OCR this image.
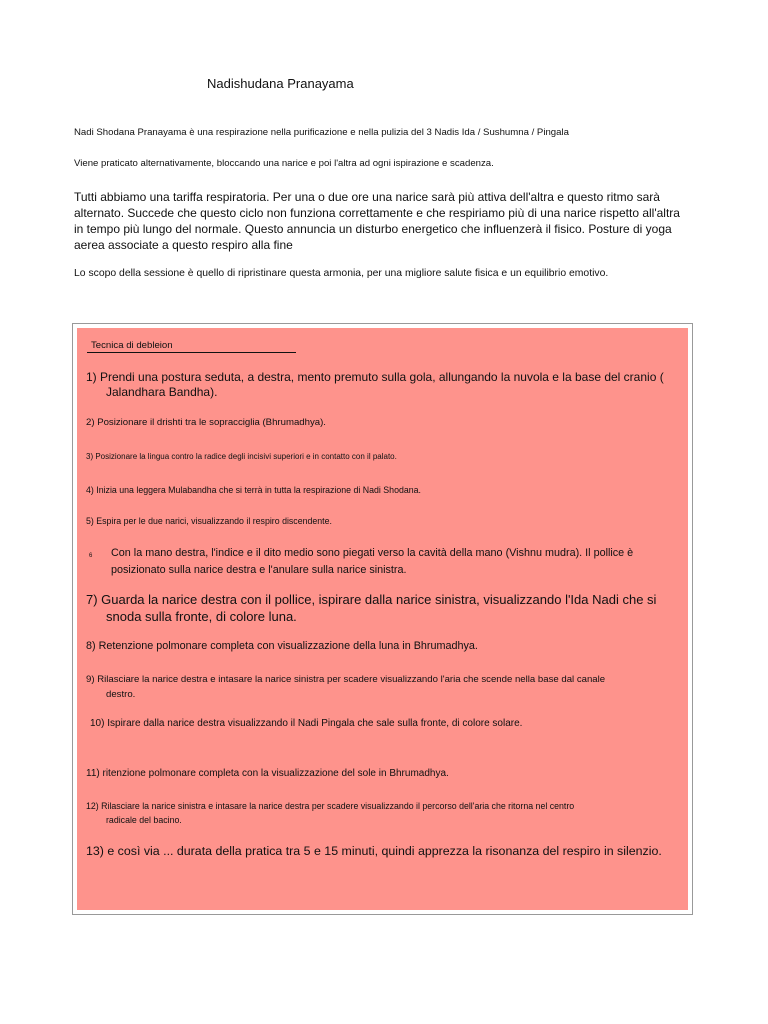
Nadishudana Pranayama

Nadi Shodana Pranayama è una respirazione nella purificazione e nella pulizia del 3 Nadis Ida / Sushumna / Pingala

Viene praticato alternativamente, bloccando una narice e poi l'altra ad ogni ispirazione e scadenza.

Tutti abbiamo una tariffa respiratoria. Per una o due ore una narice sarà più attiva dell'altra e questo ritmo sarà alternato. Succede che questo ciclo non funziona correttamente e che respiriamo più di una narice rispetto all'altra in tempo più lungo del normale. Questo annuncia un disturbo energetico che influenzerà il fisico. Posture di yoga aerea associate a questo respiro alla fine

Lo scopo della sessione è quello di ripristinare questa armonia, per una migliore salute fisica e un equilibrio emotivo.

Tecnica di debleion

1) Prendi una postura seduta, a destra, mento premuto sulla gola, allungando la nuvola e la base del cranio (
Jalandhara Bandha).

2) Posizionare il drishti tra le sopracciglia (Bhrumadhya).

3) Posizionare la lingua contro la radice degli incisivi superiori e in contatto con il palato.

4) Inizia una leggera Mulabandha che si terrà in tutta la respirazione di Nadi Shodana.

5) Espira per le due narici, visualizzando il respiro discendente.

6	Con la mano destra, l'indice e il dito medio sono piegati verso la cavità della mano (Vishnu mudra). Il pollice è posizionato sulla narice destra e l'anulare sulla narice sinistra.

7) Guarda la narice destra con il pollice, ispirare dalla narice sinistra, visualizzando l'Ida Nadi che si
snoda sulla fronte, di colore luna.

8) Retenzione polmonare completa con visualizzazione della luna in Bhrumadhya.

9) Rilasciare la narice destra e intasare la narice sinistra per scadere visualizzando l'aria che scende nella base dal canale
destro.

10) Ispirare dalla narice destra visualizzando il Nadi Pingala che sale sulla fronte, di colore solare.

11) ritenzione polmonare completa con la visualizzazione del sole in Bhrumadhya.

12) Rilasciare la narice sinistra e intasare la narice destra per scadere visualizzando il percorso dell'aria che ritorna nel centro
radicale del bacino.

13) e così via ... durata della pratica tra 5 e 15 minuti, quindi apprezza la risonanza del respiro in silenzio.
